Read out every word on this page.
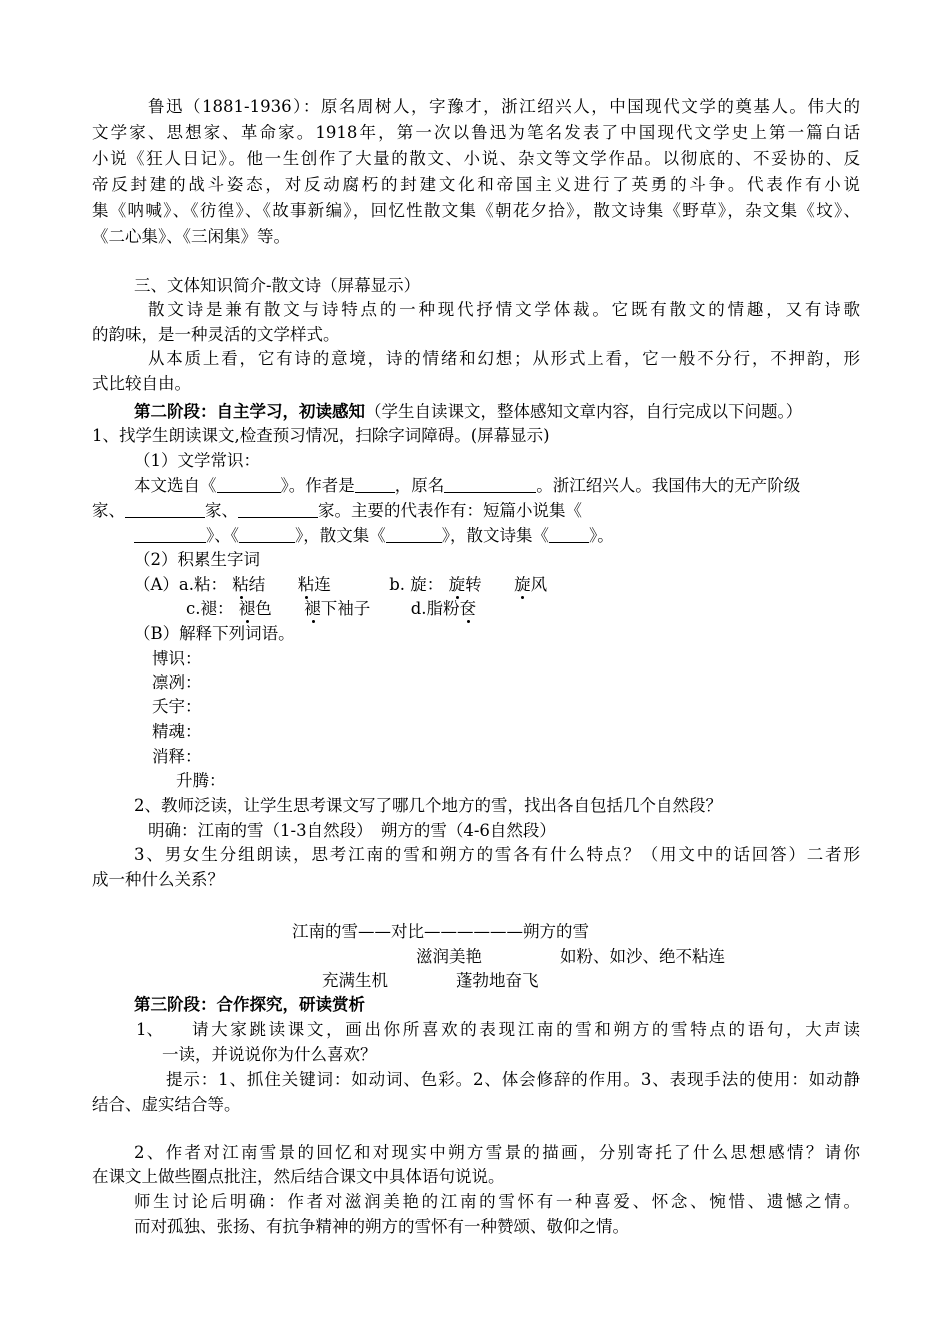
鲁迅（1881-1936）：原名周树人，字豫才，浙江绍兴人，中国现代文学的奠基人。伟大的
文学家、思想家、革命家。1918年，第一次以鲁迅为笔名发表了中国现代文学史上第一篇白话
小说《狂人日记》。他一生创作了大量的散文、小说、杂文等文学作品。以彻底的、不妥协的、反
帝反封建的战斗姿态，对反动腐朽的封建文化和帝国主义进行了英勇的斗争。代表作有小说
集《呐喊》、《彷徨》、《故事新编》，回忆性散文集《朝花夕拾》，散文诗集《野草》，杂文集《坟》、
《二心集》、《三闲集》等。
三、文体知识简介-散文诗（屏幕显示）
散文诗是兼有散文与诗特点的一种现代抒情文学体裁。它既有散文的情趣，又有诗歌
的韵味，是一种灵活的文学样式。
从本质上看，它有诗的意境，诗的情绪和幻想；从形式上看，它一般不分行，不押韵，形
式比较自由。
第二阶段：自主学习，初读感知（学生自读课文，整体感知文章内容，自行完成以下问题。）
1、找学生朗读课文,检查预习情况，扫除字词障碍。(屏幕显示)
（1）文学常识：
本文选自《	》。作者是 ，原名	。浙江绍兴人。我国伟大的无产阶级
家、	家、	家。主要的代表作有：短篇小说集《
》、《	》，散文集《	》，散文诗集《 》。
（2）积累生字词
（A）a.粘： 粘结 粘连	b. 旋： 旋转 旋风
c.褪： 褪色 褪下袖子 d.脂粉奁
（B）解释下列词语。
博识：
凛冽：
夭宇：
精魂：
消释：
升腾：
2、教师泛读，让学生思考课文写了哪几个地方的雪，找出各自包括几个自然段？
明确：江南的雪（1-3自然段）　朔方的雪（4-6自然段）
3、男女生分组朗读，思考江南的雪和朔方的雪各有什么特点？（用文中的话回答）二者形
成一种什么关系？
江南的雪——对比——————朔方的雪
滋润美艳	如粉、如沙、绝不粘连
充满生机	蓬勃地奋飞
第三阶段：合作探究，研读赏析
1、 请大家跳读课文，画出你所喜欢的表现江南的雪和朔方的雪特点的语句，大声读
一读，并说说你为什么喜欢？
提示：1、抓住关键词：如动词、色彩。2、体会修辞的作用。3、表现手法的使用：如动静
结合、虚实结合等。
2、作者对江南雪景的回忆和对现实中朔方雪景的描画，分别寄托了什么思想感情？请你
在课文上做些圈点批注，然后结合课文中具体语句说说。
师生讨论后明确：作者对滋润美艳的江南的雪怀有一种喜爱、怀念、惋惜、遗憾之情。
而对孤独、张扬、有抗争精神的朔方的雪怀有一种赞颂、敬仰之情。
